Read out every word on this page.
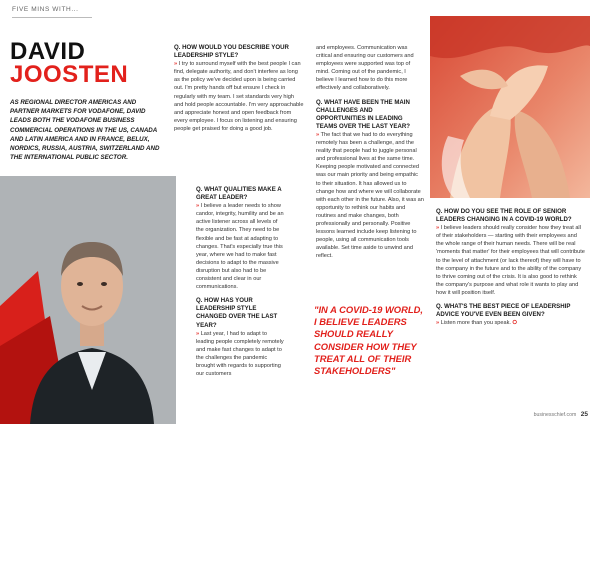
FIVE MINS WITH...
DAVID
JOOSTEN

AS REGIONAL DIRECTOR AMERICAS AND PARTNER MARKETS FOR VODAFONE, DAVID LEADS BOTH THE VODAFONE BUSINESS COMMERCIAL OPERATIONS IN THE US, CANADA AND LATIN AMERICA AND IN FRANCE, BELUX, NORDICS, RUSSIA, AUSTRIA, SWITZERLAND AND THE INTERNATIONAL PUBLIC SECTOR.

#I'mDigital

Q. HOW WOULD YOU DESCRIBE YOUR LEADERSHIP STYLE?

» I try to surround myself with the best people I can find, delegate authority, and don't interfere as long as the policy we've decided upon is being carried out. I'm pretty hands off but ensure I check in regularly with my team. I set standards very high and hold people accountable. I'm very approachable and appreciate honest and open feedback from every employee. I focus on listening and ensuring people get praised for doing a good job.

Q. WHAT QUALITIES MAKE A GREAT LEADER?

» I believe a leader needs to show candor, integrity, humility and be an active listener across all levels of the organization. They need to be flexible and be fast at adapting to changes. That's especially true this year, where we had to make fast decisions to adapt to the massive disruption but also had to be consistent and clear in our communications.

Q. HOW HAS YOUR LEADERSHIP STYLE CHANGED OVER THE LAST YEAR?

» Last year, I had to adapt to leading people completely remotely and make fast changes to adapt to the challenges the pandemic brought with regards to supporting our customers

and employees. Communication was critical and ensuring our customers and employees were supported was top of mind. Coming out of the pandemic, I believe I learned how to do this more effectively and collaboratively.

Q. WHAT HAVE BEEN THE MAIN CHALLENGES AND OPPORTUNITIES IN LEADING TEAMS OVER THE LAST YEAR?

» The fact that we had to do everything remotely has been a challenge, and the reality that people had to juggle personal and professional lives at the same time. Keeping people motivated and connected was our main priority and being empathic to their situation. It has allowed us to change how and where we will collaborate with each other in the future. Also, it was an opportunity to rethink our habits and routines and make changes, both professionally and personally. Positive lessons learned include keep listening to people, using all communication tools available. Set time aside to unwind and reflect.

"IN A COVID-19 WORLD, I BELIEVE LEADERS SHOULD REALLY CONSIDER HOW THEY TREAT ALL OF THEIR STAKEHOLDERS"

Q. HOW DO YOU SEE THE ROLE OF SENIOR LEADERS CHANGING IN A COVID-19 WORLD?

» I believe leaders should really consider how they treat all of their stakeholders — starting with their employees and the whole range of their human needs. There will be real 'moments that matter' for their employees that will contribute to the level of attachment (or lack thereof) they will have to the company in the future and to the ability of the company to thrive coming out of the crisis. It is also good to rethink the company's purpose and what role it wants to play and how it will position itself.

Q. WHAT'S THE BEST PIECE OF LEADERSHIP ADVICE YOU'VE EVEN BEEN GIVEN?

» Listen more than you speak. ⭘

businesschief.com 25
